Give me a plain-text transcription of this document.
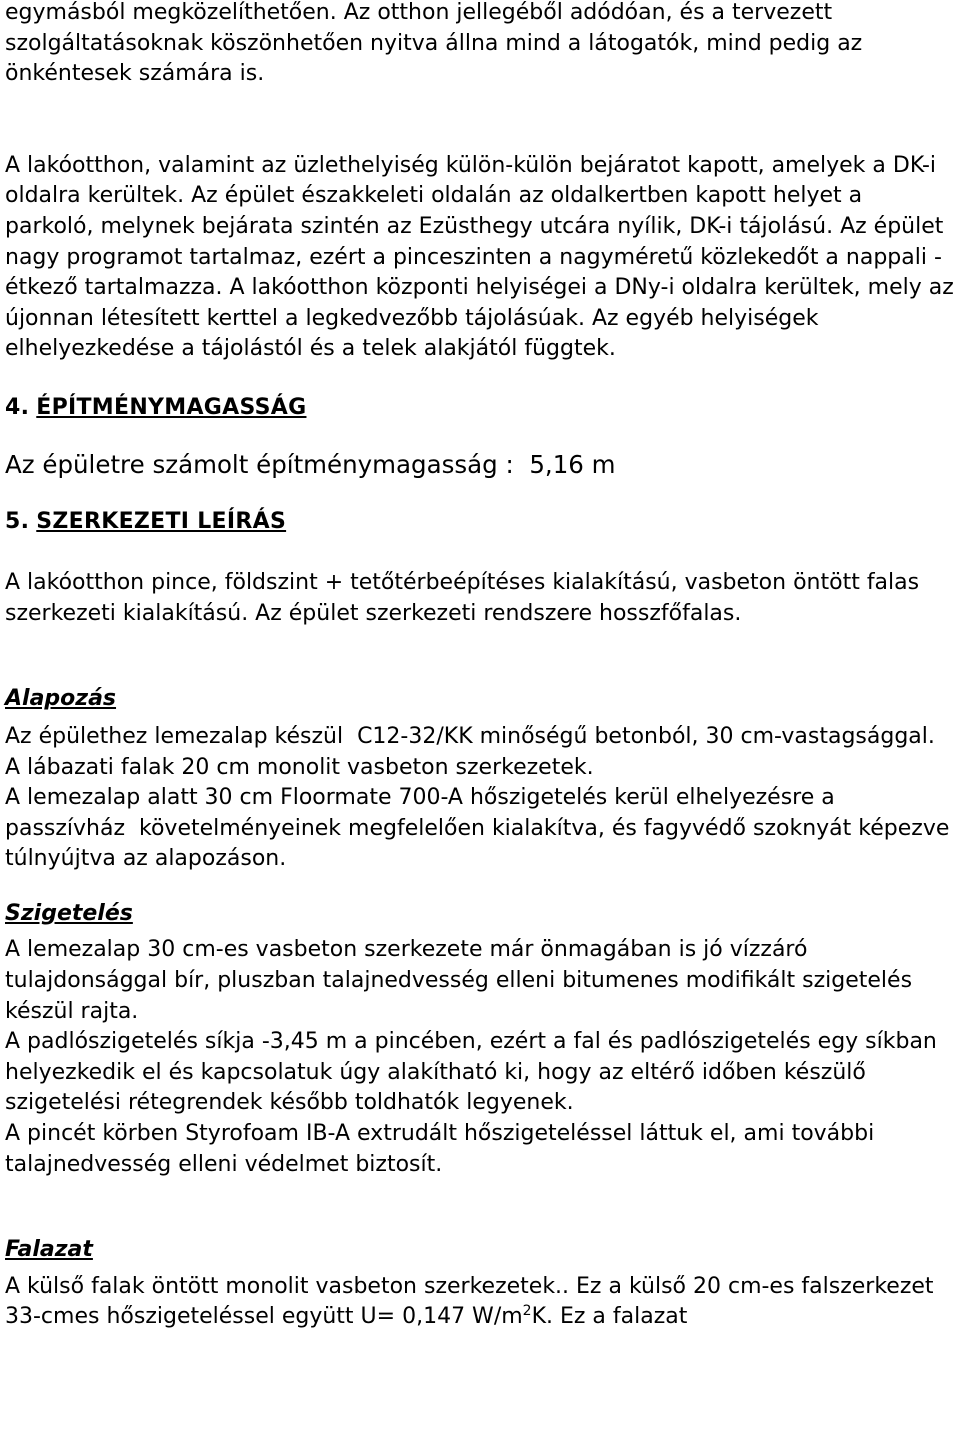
egymásból megközelíthetően. Az otthon jellegéből adódóan, és a tervezett szolgáltatásoknak köszönhetően nyitva állna mind a látogatók, mind pedig az önkéntesek számára is.

A lakóotthon, valamint az üzlethelyiség külön-külön bejáratot kapott, amelyek a DK-i oldalra kerültek. Az épület északkeleti oldalán az oldalkertben kapott helyet a parkoló, melynek bejárata szintén az Ezüsthegy utcára nyílik, DK-i tájolású. Az épület nagy programot tartalmaz, ezért a pinceszinten a nagyméretű közlekedőt a nappali - étkező tartalmazza. A lakóotthon központi helyiségei a DNy-i oldalra kerültek, mely az újonnan létesített kerttel a legkedvezőbb tájolásúak. Az egyéb helyiségek elhelyezkedése a tájolástól és a telek alakjától függtek.

4. ÉPÍTMÉNYMAGASSÁG
Az épületre számolt építménymagasság : 5,16 m
5. SZERKEZETI LEÍRÁS

A lakóotthon pince, földszint + tetőtérbeépítéses kialakítású, vasbeton öntött falas  szerkezeti kialakítású. Az épület szerkezeti rendszere hosszfőfalas.

Alapozás

Az épülethez lemezalap készül  C12-32/KK minőségű betonból, 30 cm-vastagsággal.

A lábazati falak 20 cm monolit vasbeton szerkezetek.

A lemezalap alatt 30 cm Floormate 700-A hőszigetelés kerül elhelyezésre a passzívház  követelményeinek megfelelően kialakítva, és fagyvédő szoknyát képezve túlnyújtva az alapozáson.

Szigetelés

A lemezalap 30 cm-es vasbeton szerkezete már önmagában is jó vízzáró tulajdonsággal bír, pluszban talajnedvesség elleni bitumenes modifikált szigetelés készül rajta.

A padlószigetelés síkja -3,45 m a pincében, ezért a fal és padlószigetelés egy síkban helyezkedik el és kapcsolatuk úgy alakítható ki, hogy az eltérő időben készülő szigetelési rétegrendek később toldhatók legyenek.

A pincét körben Styrofoam IB-A extrudált hőszigeteléssel láttuk el, ami további talajnedvesség elleni védelmet biztosít.

Falazat

A külső falak öntött monolit vasbeton szerkezetek.. Ez a külső 20 cm-es falszerkezet 33-cmes hőszigeteléssel együtt U= 0,147 $W/m^2K$. Ez a falazat
